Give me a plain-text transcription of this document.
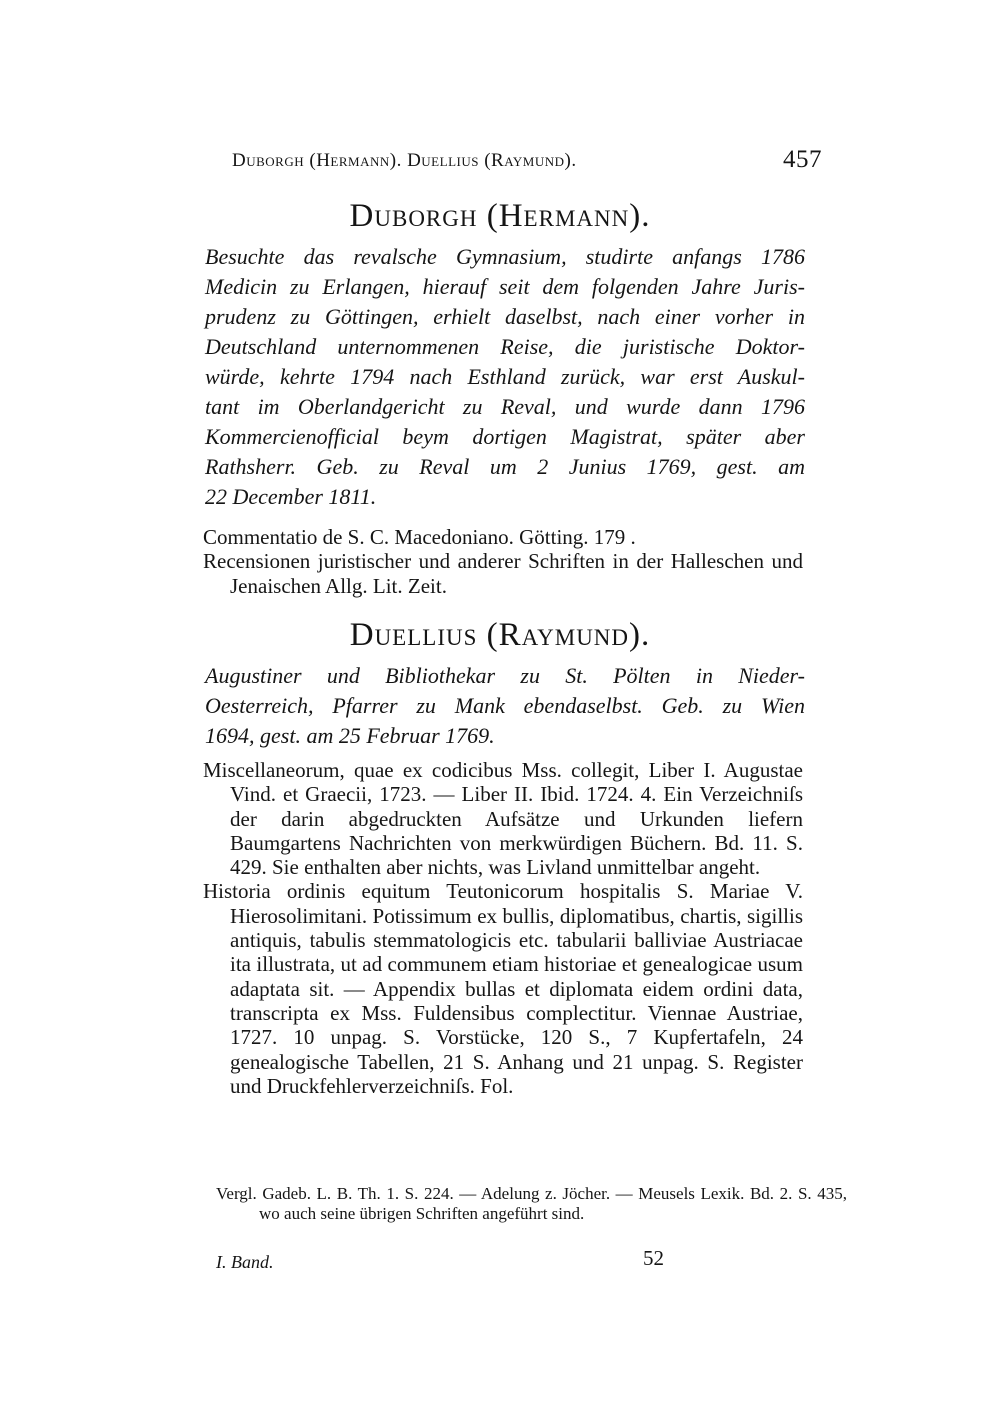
Duborgh (Hermann). Duellius (Raymund).	457
Duborgh (Hermann).
Besuchte das revalsche Gymnasium, studirte anfangs 1786
Medicin zu Erlangen, hierauf seit dem folgenden Jahre Juris-
prudenz zu Göttingen, erhielt daselbst, nach einer vorher in
Deutschland unternommenen Reise, die juristische Doktor-
würde, kehrte 1794 nach Esthland zurück, war erst Auskul-
tant im Oberlandgericht zu Reval, und wurde dann 1796
Kommercienofficial beym dortigen Magistrat, später aber
Rathsherr. Geb. zu Reval um 2 Junius 1769, gest. am
22 December 1811.
Commentatio de S. C. Macedoniano. Götting. 179 .
Recensionen juristischer und anderer Schriften in der Halleschen und Jenaischen Allg. Lit. Zeit.
Duellius (Raymund).
Augustiner und Bibliothekar zu St. Pölten in Nieder-
Oesterreich, Pfarrer zu Mank ebendaselbst. Geb. zu Wien
1694, gest. am 25 Februar 1769.
Miscellaneorum, quae ex codicibus Mss. collegit, Liber I. Augustae Vind. et Graecii, 1723. — Liber II. Ibid. 1724. 4. Ein Verzeichniſs der darin abgedruckten Aufsätze und Urkunden liefern Baumgartens Nachrichten von merkwürdigen Büchern. Bd. 11. S. 429. Sie enthalten aber nichts, was Livland unmittelbar angeht.
Historia ordinis equitum Teutonicorum hospitalis S. Mariae V. Hierosolimitani. Potissimum ex bullis, diplomatibus, chartis, sigillis antiquis, tabulis stemmatologicis etc. tabularii balliviae Austriacae ita illustrata, ut ad communem etiam historiae et genealogicae usum adaptata sit. — Appendix bullas et diplomata eidem ordini data, transcripta ex Mss. Fuldensibus complectitur. Viennae Austriae, 1727. 10 unpag. S. Vorstücke, 120 S., 7 Kupfertafeln, 24 genealogische Tabellen, 21 S. Anhang und 21 unpag. S. Register und Druckfehlerverzeichniſs. Fol.

Vergl. Gadeb. L. B. Th. 1. S. 224. — Adelung z. Jöcher. — Meusels Lexik. Bd. 2. S. 435, wo auch seine übrigen Schriften angeführt sind.

I. Band.	52
